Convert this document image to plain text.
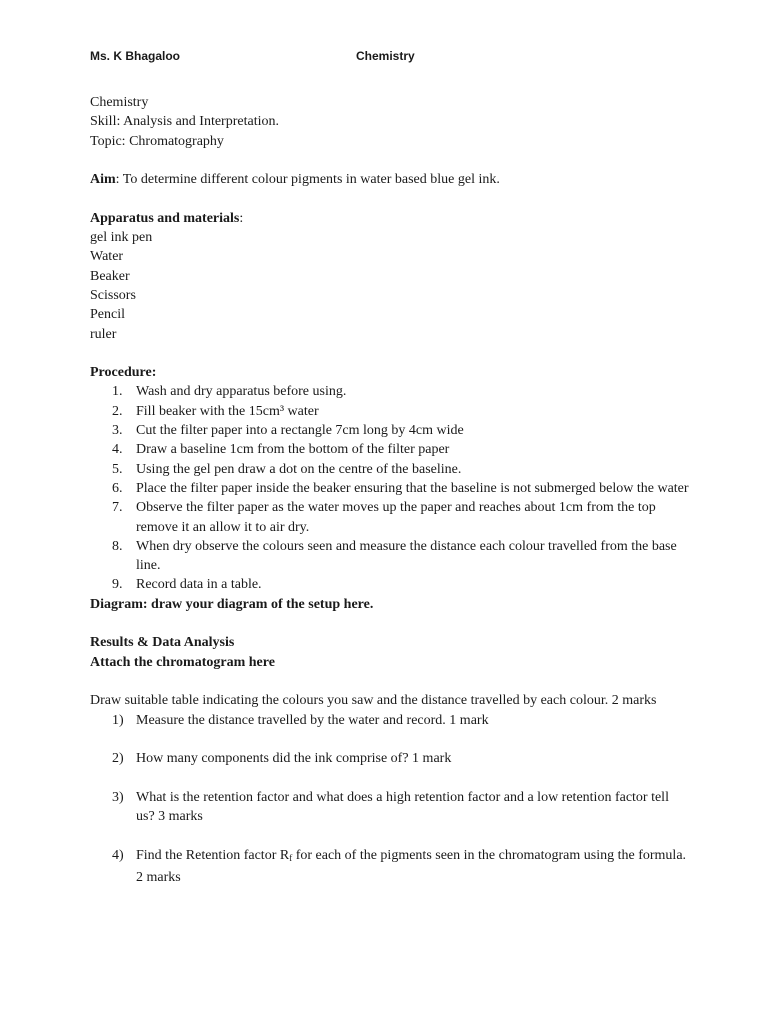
Ms. K Bhagaloo	Chemistry

Chemistry

Skill: Analysis and Interpretation.

Topic: Chromatography

Aim: To determine different colour pigments in water based blue gel ink.

Apparatus and materials:

gel ink pen

Water

Beaker

Scissors

Pencil

ruler

Procedure:

1. Wash and dry apparatus before using.
2. Fill beaker with the 15cm³ water
3. Cut the filter paper into a rectangle 7cm long by 4cm wide
4. Draw a baseline 1cm from the bottom of the filter paper
5. Using the gel pen draw a dot on the centre of the baseline.
6. Place the filter paper inside the beaker ensuring that the baseline is not submerged below the water
7. Observe the filter paper as the water moves up the paper and reaches about 1cm from the top remove it an allow it to air dry.
8. When dry observe the colours seen and measure the distance each colour travelled from the base line.
9. Record data in a table.

Diagram: draw your diagram of the setup here.

Results & Data Analysis

Attach the chromatogram here

Draw suitable table indicating the colours you saw and the distance travelled by each colour. 2 marks

1) Measure the distance travelled by the water and record. 1 mark
2) How many components did the ink comprise of? 1 mark
3) What is the retention factor and what does a high retention factor and a low retention factor tell us? 3 marks
4) Find the Retention factor $R_f$ for each of the pigments seen in the chromatogram using the formula. 2 marks
